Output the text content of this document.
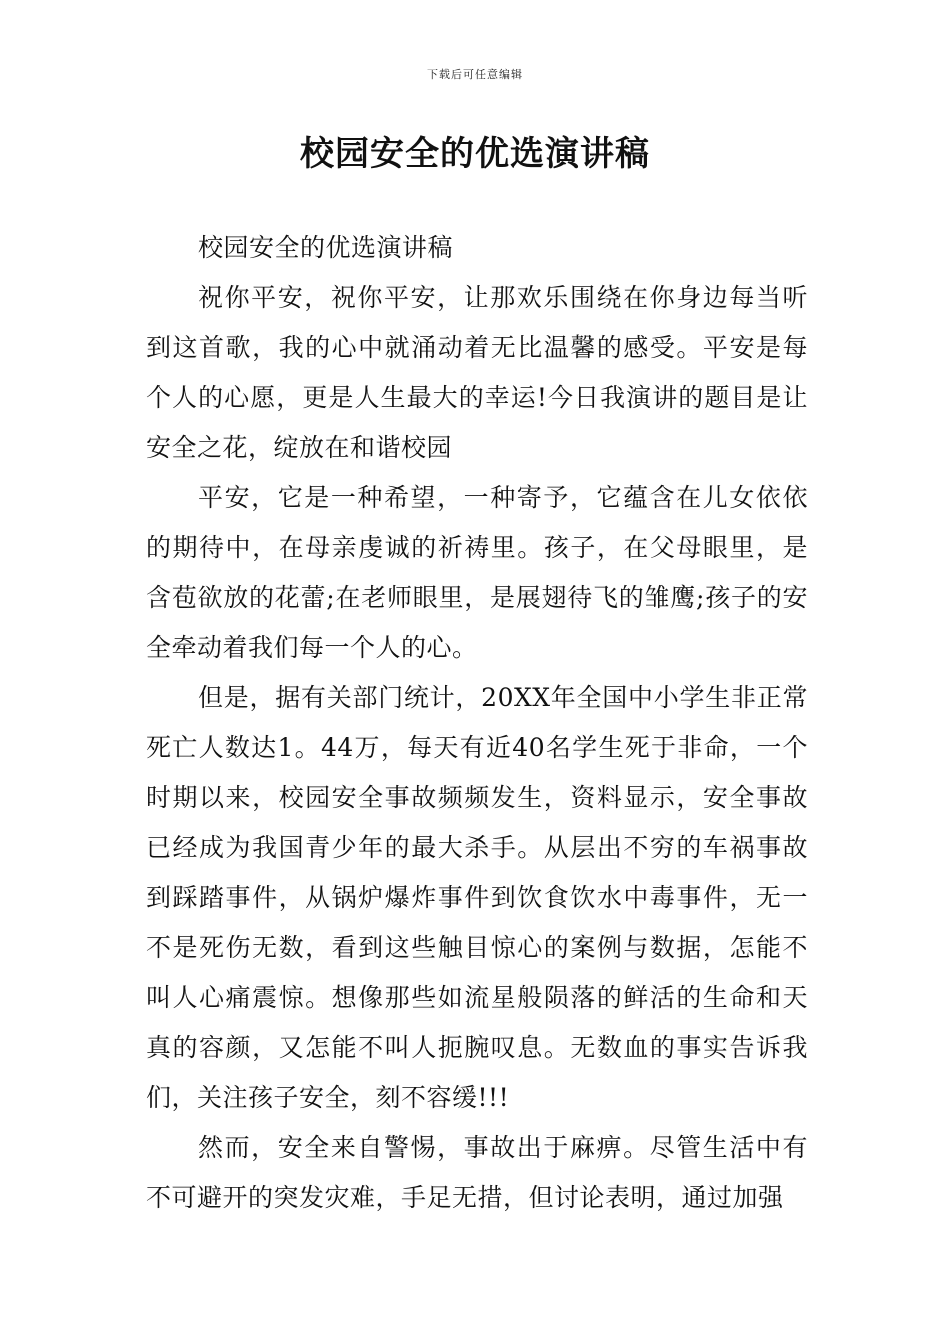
下载后可任意编辑
校园安全的优选演讲稿

校园安全的优选演讲稿

祝你平安，祝你平安，让那欢乐围绕在你身边每当听到这首歌，我的心中就涌动着无比温馨的感受。平安是每个人的心愿，更是人生最大的幸运!今日我演讲的题目是让安全之花，绽放在和谐校园

平安，它是一种希望，一种寄予，它蕴含在儿女依依的期待中，在母亲虔诚的祈祷里。孩子，在父母眼里，是含苞欲放的花蕾;在老师眼里，是展翅待飞的雏鹰;孩子的安全牵动着我们每一个人的心。

但是，据有关部门统计，20XX年全国中小学生非正常死亡人数达1。44万，每天有近40名学生死于非命，一个时期以来，校园安全事故频频发生，资料显示，安全事故已经成为我国青少年的最大杀手。从层出不穷的车祸事故到踩踏事件，从锅炉爆炸事件到饮食饮水中毒事件，无一不是死伤无数，看到这些触目惊心的案例与数据，怎能不叫人心痛震惊。想像那些如流星般陨落的鲜活的生命和天真的容颜，又怎能不叫人扼腕叹息。无数血的事实告诉我们，关注孩子安全，刻不容缓!!!

然而，安全来自警惕，事故出于麻痹。尽管生活中有不可避开的突发灾难，手足无措，但讨论表明，通过加强
